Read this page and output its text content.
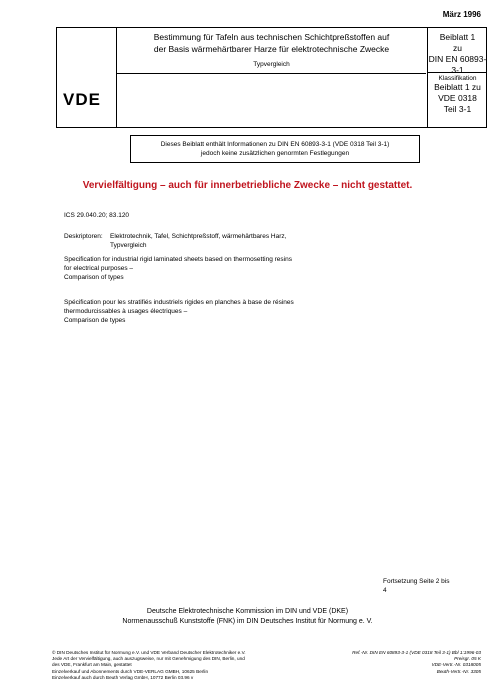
März 1996
VDE
Bestimmung für Tafeln aus technischen Schichtpreßstoffen auf
der Basis wärmehärtbarer Harze für elektrotechnische Zwecke
Typvergleich
Beiblatt 1
zu
DIN EN 60893-3-1
Klassifikation
Beiblatt 1 zu
VDE 0318
Teil 3-1
Dieses Beiblatt enthält Informationen zu DIN EN 60893-3-1 (VDE 0318 Teil 3-1)
jedoch keine zusätzlichen genormten Festlegungen
Vervielfältigung – auch für innerbetriebliche Zwecke – nicht gestattet.
ICS 29.040.20; 83.120
Deskriptoren: Elektrotechnik, Tafel, Schichtpreßstoff, wärmehärtbares Harz,
Typvergleich
Specification for industrial rigid laminated sheets based on thermosetting resins
for electrical purposes –
Comparison of types
Spécification pour les stratifiés industriels rigides en planches à base de résines
thermodurcissables à usages électriques –
Comparison de types
Fortsetzung Seite 2 bis
4
Deutsche Elektrotechnische Kommission im DIN und VDE (DKE)
Normenausschuß Kunststoffe (FNK) im DIN Deutsches Institut für Normung e. V.
© DIN Deutsches Institut für Normung e.V. und VDE Verband Deutscher Elektrotechniker e.V.
Jede Art der Vervielfältigung, auch auszugsweise, nur mit Genehmigung des DIN, Berlin, und
des VDE, Frankfurt am Main, gestattet
Einzelverkauf und Abonnements durch VDE-VERLAG GMBH, 10625 Berlin
Einzelverkauf auch durch Beuth Verlag GmbH, 10772 Berlin 03.96 v
Ref.-Nr. DIN EN 60893-3-1 (VDE 0318 Teil 3-1) Bbl 1:1996-03
Preisgr. 05 K
VDE-Vertr.-Nr. 0318005
Beuth-Vertr.-Nr. 3305
